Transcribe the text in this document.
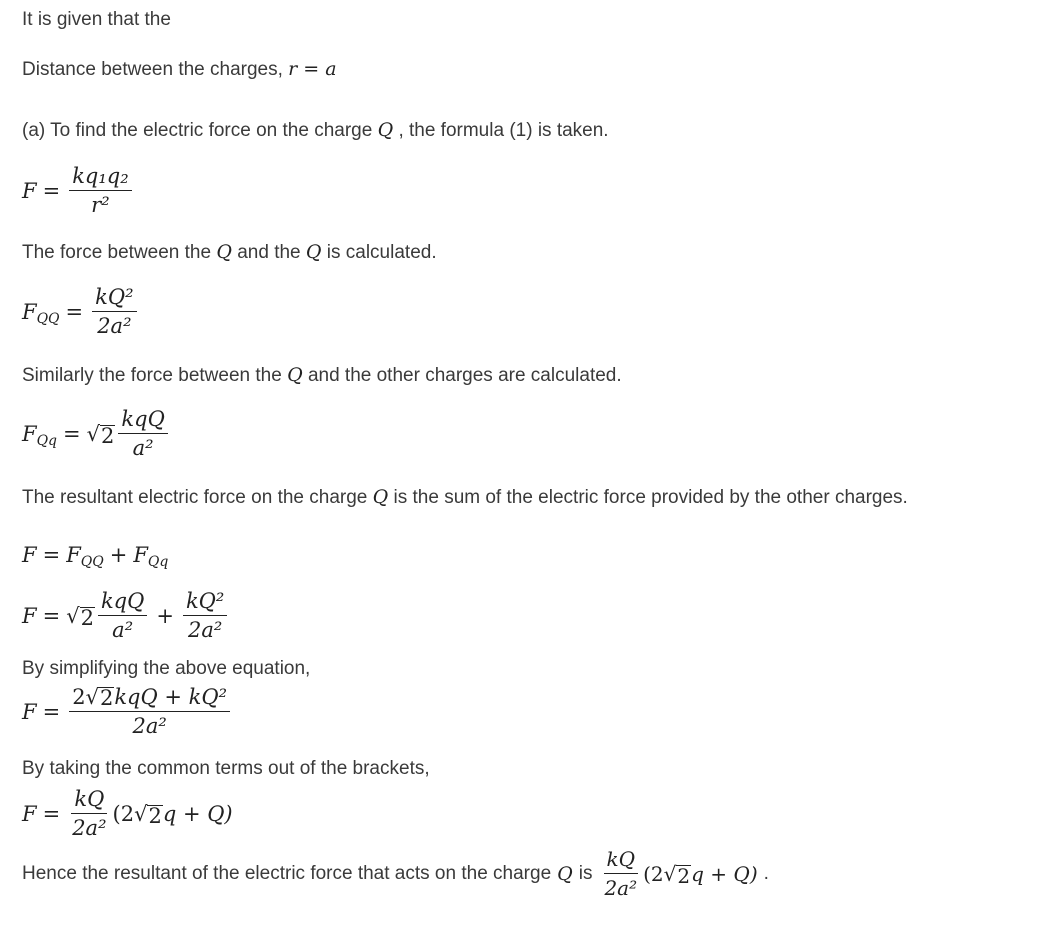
It is given that the
Distance between the charges, r = a
(a) To find the electric force on the charge Q , the formula (1) is taken.
$F = \frac{\text{kq₁q₂}}{\text{r²}}$
The force between the Q and the Q is calculated.
$F_{QQ} = \frac{\text{kQ²}}{\text{2a²}}$
Similarly the force between the Q and the other charges are calculated.
$F_{Qq}$ = √ $2 \frac{\text{kqQ}}{\text{a²}}$
The resultant electric force on the charge Q is the sum of the electric force provided by the other charges.
$F = F_{QQ} + F_{Qq}$
F = √ $2 \frac{\text{kqQ}}{\text{a²}} + \frac{\text{kQ²}}{\text{2a²}}$
By simplifying the above equation,
$F = \frac{\text{2 √ 2 kqQ + kQ²}}{\text{2a²}}$
By taking the common terms out of the brackets,
$F = \frac{kQ}{\text{2a²}} (2$ √ 2 q + Q)
Hence the resultant of the electric force that acts on the charge Q is $\frac{kQ}{\text{2a²}} (2$ √ 2 q + Q) .
